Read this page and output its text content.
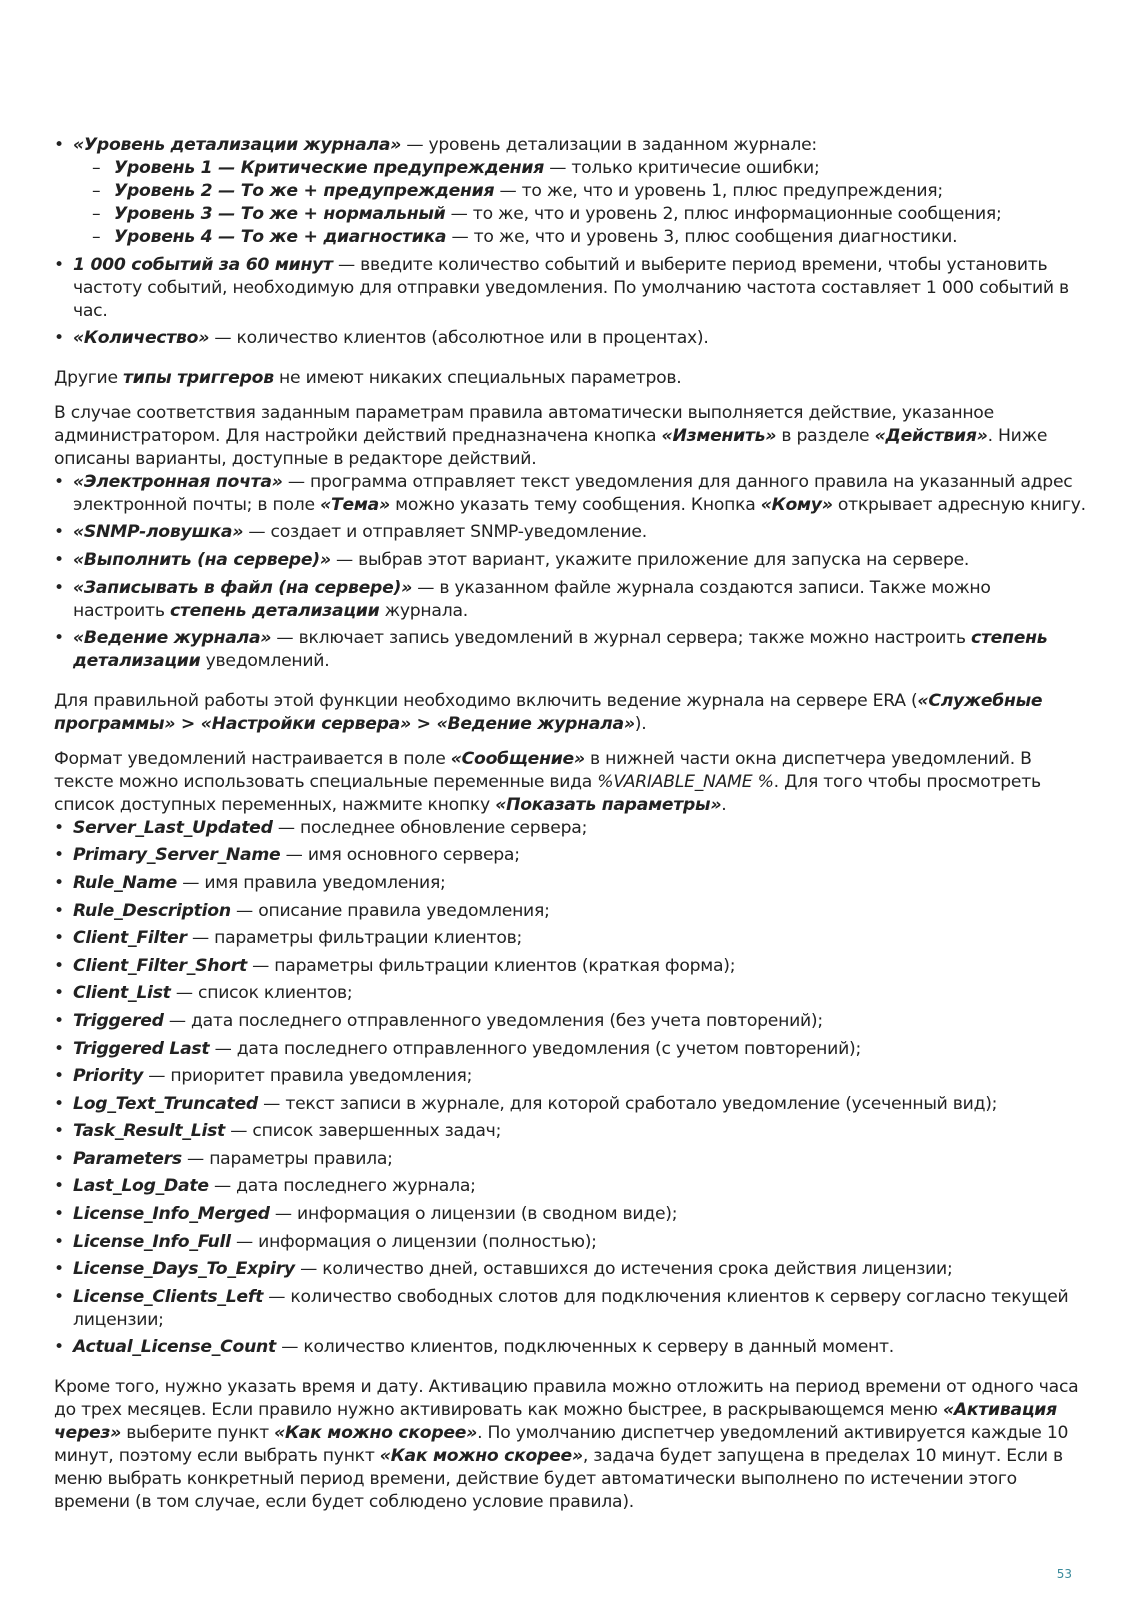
• «Уровень детализации журнала» — уровень детализации в заданном журнале:
– Уровень 1 — Критические предупреждения — только критичесие ошибки;
– Уровень 2 — То же + предупреждения — то же, что и уровень 1, плюс предупреждения;
– Уровень 3 — То же + нормальный — то же, что и уровень 2, плюс информационные сообщения;
– Уровень 4 — То же + диагностика — то же, что и уровень 3, плюс сообщения диагностики.
• 1 000 событий за 60 минут — введите количество событий и выберите период времени, чтобы установить частоту событий, необходимую для отправки уведомления. По умолчанию частота составляет 1 000 событий в час.
• «Количество» — количество клиентов (абсолютное или в процентах).

Другие типы триггеров не имеют никаких специальных параметров.

В случае соответствия заданным параметрам правила автоматически выполняется действие, указанное администратором. Для настройки действий предназначена кнопка «Изменить» в разделе «Действия». Ниже описаны варианты, доступные в редакторе действий.

• «Электронная почта» — программа отправляет текст уведомления для данного правила на указанный адрес электронной почты; в поле «Тема» можно указать тему сообщения. Кнопка «Кому» открывает адресную книгу.
• «SNMP-ловушка» — создает и отправляет SNMP-уведомление.
• «Выполнить (на сервере)» — выбрав этот вариант, укажите приложение для запуска на сервере.
• «Записывать в файл (на сервере)» — в указанном файле журнала создаются записи. Также можно настроить степень детализации журнала.
• «Ведение журнала» — включает запись уведомлений в журнал сервера; также можно настроить степень детализации уведомлений.

Для правильной работы этой функции необходимо включить ведение журнала на сервере ERA («Служебные программы» > «Настройки сервера» > «Ведение журнала»).

Формат уведомлений настраивается в поле «Сообщение» в нижней части окна диспетчера уведомлений. В тексте можно использовать специальные переменные вида %VARIABLE_NAME %. Для того чтобы просмотреть список доступных переменных, нажмите кнопку «Показать параметры».

• Server_Last_Updated — последнее обновление сервера;
• Primary_Server_Name — имя основного сервера;
• Rule_Name — имя правила уведомления;
• Rule_Description — описание правила уведомления;
• Client_Filter — параметры фильтрации клиентов;
• Client_Filter_Short — параметры фильтрации клиентов (краткая форма);
• Client_List — список клиентов;
• Triggered — дата последнего отправленного уведомления (без учета повторений);
• Triggered Last — дата последнего отправленного уведомления (с учетом повторений);
• Priority — приоритет правила уведомления;
• Log_Text_Truncated — текст записи в журнале, для которой сработало уведомление (усеченный вид);
• Task_Result_List — список завершенных задач;
• Parameters — параметры правила;
• Last_Log_Date — дата последнего журнала;
• License_Info_Merged — информация о лицензии (в сводном виде);
• License_Info_Full — информация о лицензии (полностью);
• License_Days_To_Expiry — количество дней, оставшихся до истечения срока действия лицензии;
• License_Clients_Left — количество свободных слотов для подключения клиентов к серверу согласно текущей лицензии;
• Actual_License_Count — количество клиентов, подключенных к серверу в данный момент.

Кроме того, нужно указать время и дату. Активацию правила можно отложить на период времени от одного часа до трех месяцев. Если правило нужно активировать как можно быстрее, в раскрывающемся меню «Активация через» выберите пункт «Как можно скорее». По умолчанию диспетчер уведомлений активируется каждые 10 минут, поэтому если выбрать пункт «Как можно скорее», задача будет запущена в пределах 10 минут. Если в меню выбрать конкретный период времени, действие будет автоматически выполнено по истечении этого времени (в том случае, если будет соблюдено условие правила).

53
